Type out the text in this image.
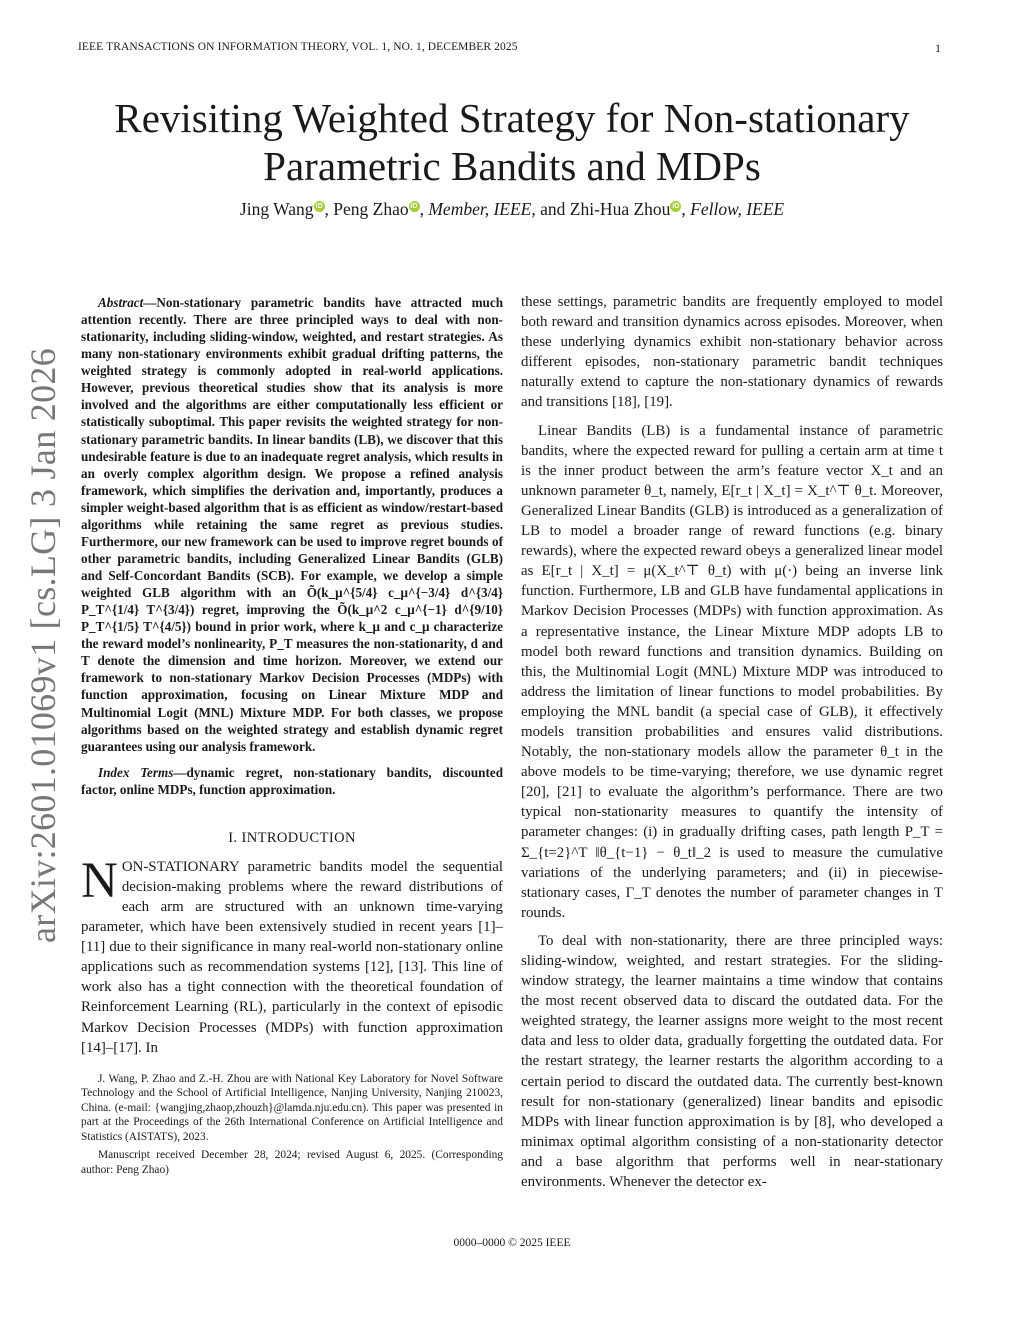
IEEE TRANSACTIONS ON INFORMATION THEORY, VOL. 1, NO. 1, DECEMBER 2025	1
arXiv:2601.01069v1 [cs.LG] 3 Jan 2026
Revisiting Weighted Strategy for Non-stationary
Parametric Bandits and MDPs
Jing Wang iD , Peng Zhao iD , Member, IEEE, and Zhi-Hua Zhou iD , Fellow, IEEE

Abstract—Non-stationary parametric bandits have attracted much attention recently. There are three principled ways to deal with non-stationarity, including sliding-window, weighted, and restart strategies. As many non-stationary environments exhibit gradual drifting patterns, the weighted strategy is commonly adopted in real-world applications. However, previous theoretical studies show that its analysis is more involved and the algorithms are either computationally less efficient or statistically suboptimal. This paper revisits the weighted strategy for non-stationary parametric bandits. In linear bandits (LB), we discover that this undesirable feature is due to an inadequate regret analysis, which results in an overly complex algorithm design. We propose a refined analysis framework, which simplifies the derivation and, importantly, produces a simpler weight-based algorithm that is as efficient as window/restart-based algorithms while retaining the same regret as previous studies. Furthermore, our new framework can be used to improve regret bounds of other parametric bandits, including Generalized Linear Bandits (GLB) and Self-Concordant Bandits (SCB). For example, we develop a simple weighted GLB algorithm with an Õ(k_μ^{5/4} c_μ^{−3/4} d^{3/4} P_T^{1/4} T^{3/4}) regret, improving the Õ(k_μ^2 c_μ^{−1} d^{9/10} P_T^{1/5} T^{4/5}) bound in prior work, where k_μ and c_μ characterize the reward model’s nonlinearity, P_T measures the non-stationarity, d and T denote the dimension and time horizon. Moreover, we extend our framework to non-stationary Markov Decision Processes (MDPs) with function approximation, focusing on Linear Mixture MDP and Multinomial Logit (MNL) Mixture MDP. For both classes, we propose algorithms based on the weighted strategy and establish dynamic regret guarantees using our analysis framework.

Index Terms—dynamic regret, non-stationary bandits, discounted factor, online MDPs, function approximation.

I. INTRODUCTION

NON-STATIONARY parametric bandits model the sequential decision-making problems where the reward distributions of each arm are structured with an unknown time-varying parameter, which have been extensively studied in recent years [1]–[11] due to their significance in many real-world non-stationary online applications such as recommendation systems [12], [13]. This line of work also has a tight connection with the theoretical foundation of Reinforcement Learning (RL), particularly in the context of episodic Markov Decision Processes (MDPs) with function approximation [14]–[17]. In

J. Wang, P. Zhao and Z.-H. Zhou are with National Key Laboratory for Novel Software Technology and the School of Artificial Intelligence, Nanjing University, Nanjing 210023, China. (e-mail: {wangjing,zhaop,zhouzh}@lamda.nju.edu.cn). This paper was presented in part at the Proceedings of the 26th International Conference on Artificial Intelligence and Statistics (AISTATS), 2023.

Manuscript received December 28, 2024; revised August 6, 2025. (Corresponding author: Peng Zhao)

these settings, parametric bandits are frequently employed to model both reward and transition dynamics across episodes. Moreover, when these underlying dynamics exhibit non-stationary behavior across different episodes, non-stationary parametric bandit techniques naturally extend to capture the non-stationary dynamics of rewards and transitions [18], [19].

Linear Bandits (LB) is a fundamental instance of parametric bandits, where the expected reward for pulling a certain arm at time t is the inner product between the arm’s feature vector X_t and an unknown parameter θ_t, namely, E[r_t | X_t] = X_t^⊤ θ_t. Moreover, Generalized Linear Bandits (GLB) is introduced as a generalization of LB to model a broader range of reward functions (e.g. binary rewards), where the expected reward obeys a generalized linear model as E[r_t | X_t] = μ(X_t^⊤ θ_t) with μ(·) being an inverse link function. Furthermore, LB and GLB have fundamental applications in Markov Decision Processes (MDPs) with function approximation. As a representative instance, the Linear Mixture MDP adopts LB to model both reward functions and transition dynamics. Building on this, the Multinomial Logit (MNL) Mixture MDP was introduced to address the limitation of linear functions to model probabilities. By employing the MNL bandit (a special case of GLB), it effectively models transition probabilities and ensures valid distributions. Notably, the non-stationary models allow the parameter θ_t in the above models to be time-varying; therefore, we use dynamic regret [20], [21] to evaluate the algorithm’s performance. There are two typical non-stationarity measures to quantify the intensity of parameter changes: (i) in gradually drifting cases, path length P_T = Σ_{t=2}^T ‖θ_{t−1} − θ_t‖_2 is used to measure the cumulative variations of the underlying parameters; and (ii) in piecewise-stationary cases, Γ_T denotes the number of parameter changes in T rounds.

To deal with non-stationarity, there are three principled ways: sliding-window, weighted, and restart strategies. For the sliding-window strategy, the learner maintains a time window that contains the most recent observed data to discard the outdated data. For the weighted strategy, the learner assigns more weight to the most recent data and less to older data, gradually forgetting the outdated data. For the restart strategy, the learner restarts the algorithm according to a certain period to discard the outdated data. The currently best-known result for non-stationary (generalized) linear bandits and episodic MDPs with linear function approximation is by [8], who developed a minimax optimal algorithm consisting of a non-stationarity detector and a base algorithm that performs well in near-stationary environments. Whenever the detector ex-

0000–0000 © 2025 IEEE
